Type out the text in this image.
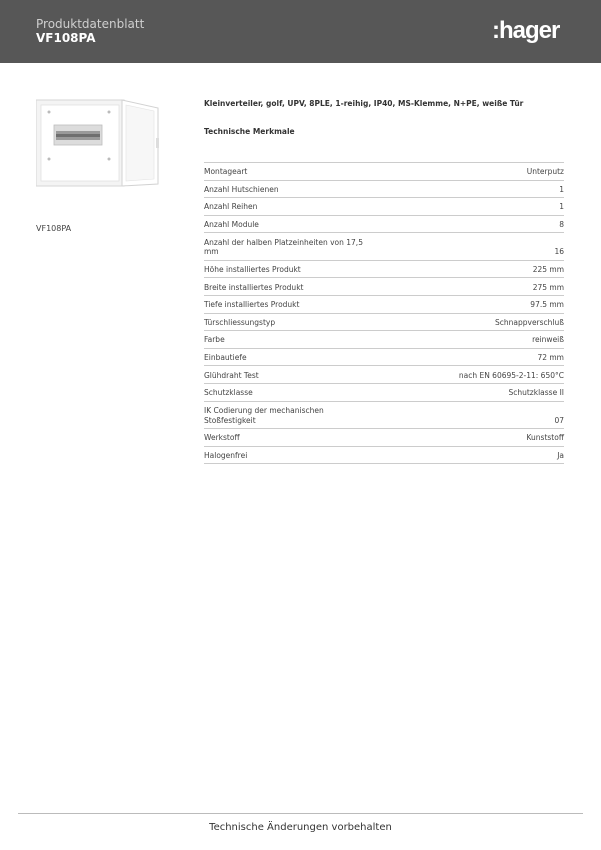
Produktdatenblatt
VF108PA	:hager
VF108PA
Kleinverteiler, golf, UPV, 8PLE, 1-reihig, IP40, MS-Klemme, N+PE, weiße Tür
Technische Merkmale
Montageart	Unterputz
Anzahl Hutschienen	1
Anzahl Reihen	1
Anzahl Module	8
Anzahl der halben Platzeinheiten von 17,5 mm	16
Höhe installiertes Produkt	225 mm
Breite installiertes Produkt	275 mm
Tiefe installiertes Produkt	97.5 mm
Türschliessungstyp	Schnappverschluß
Farbe	reinweiß
Einbautiefe	72 mm
Glühdraht Test	nach EN 60695-2-11: 650°C
Schutzklasse	Schutzklasse II
IK Codierung der mechanischen Stoßfestigkeit	07
Werkstoff	Kunststoff
Halogenfrei	Ja
Technische Änderungen vorbehalten
